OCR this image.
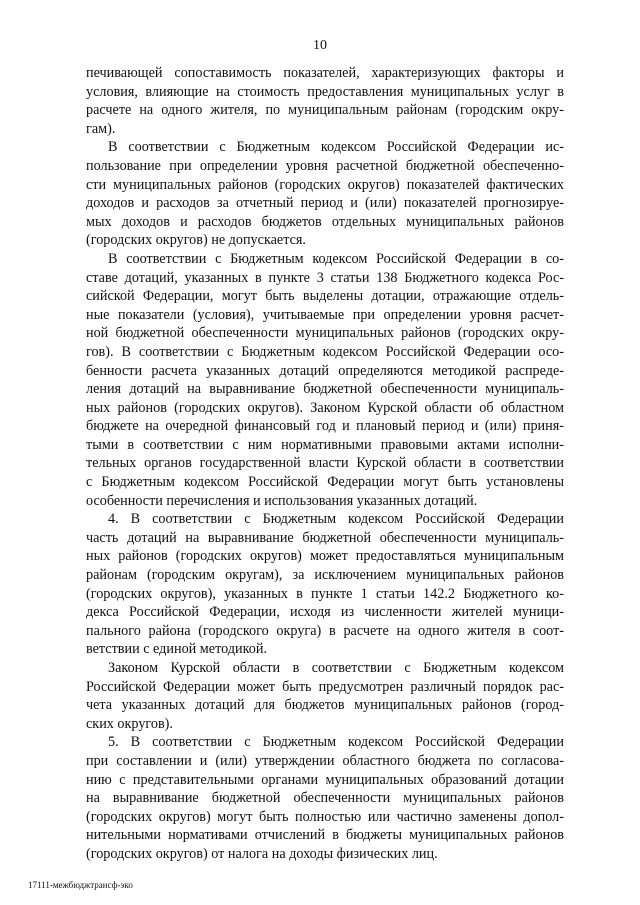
10
печивающей сопоставимость показателей, характеризующих факторы и
условия, влияющие на стоимость предоставления муниципальных услуг в
расчете на одного жителя, по муниципальным районам (городским окру-
гам).
В соответствии с Бюджетным кодексом Российской Федерации ис-
пользование при определении уровня расчетной бюджетной обеспеченно-
сти муниципальных районов (городских округов) показателей фактических
доходов и расходов за отчетный период и (или) показателей прогнозируе-
мых доходов и расходов бюджетов отдельных муниципальных районов
(городских округов) не допускается.
В соответствии с Бюджетным кодексом Российской Федерации в со-
ставе дотаций, указанных в пункте 3 статьи 138 Бюджетного кодекса Рос-
сийской Федерации, могут быть выделены дотации, отражающие отдель-
ные показатели (условия), учитываемые при определении уровня расчет-
ной бюджетной обеспеченности муниципальных районов (городских окру-
гов). В соответствии с Бюджетным кодексом Российской Федерации осо-
бенности расчета указанных дотаций определяются методикой распреде-
ления дотаций на выравнивание бюджетной обеспеченности муниципаль-
ных районов (городских округов). Законом Курской области об областном
бюджете на очередной финансовый год и плановый период и (или) приня-
тыми в соответствии с ним нормативными правовыми актами исполни-
тельных органов государственной власти Курской области в соответствии
с Бюджетным кодексом Российской Федерации могут быть установлены
особенности перечисления и использования указанных дотаций.
4. В соответствии с Бюджетным кодексом Российской Федерации
часть дотаций на выравнивание бюджетной обеспеченности муниципаль-
ных районов (городских округов) может предоставляться муниципальным
районам (городским округам), за исключением муниципальных районов
(городских округов), указанных в пункте 1 статьи 142.2 Бюджетного ко-
декса Российской Федерации, исходя из численности жителей муници-
пального района (городского округа) в расчете на одного жителя в соот-
ветствии с единой методикой.
Законом Курской области в соответствии с Бюджетным кодексом
Российской Федерации может быть предусмотрен различный порядок рас-
чета указанных дотаций для бюджетов муниципальных районов (город-
ских округов).
5. В соответствии с Бюджетным кодексом Российской Федерации
при составлении и (или) утверждении областного бюджета по согласова-
нию с представительными органами муниципальных образований дотации
на выравнивание бюджетной обеспеченности муниципальных районов
(городских округов) могут быть полностью или частично заменены допол-
нительными нормативами отчислений в бюджеты муниципальных районов
(городских округов) от налога на доходы физических лиц.
17111-межбюджтрансф-эко
